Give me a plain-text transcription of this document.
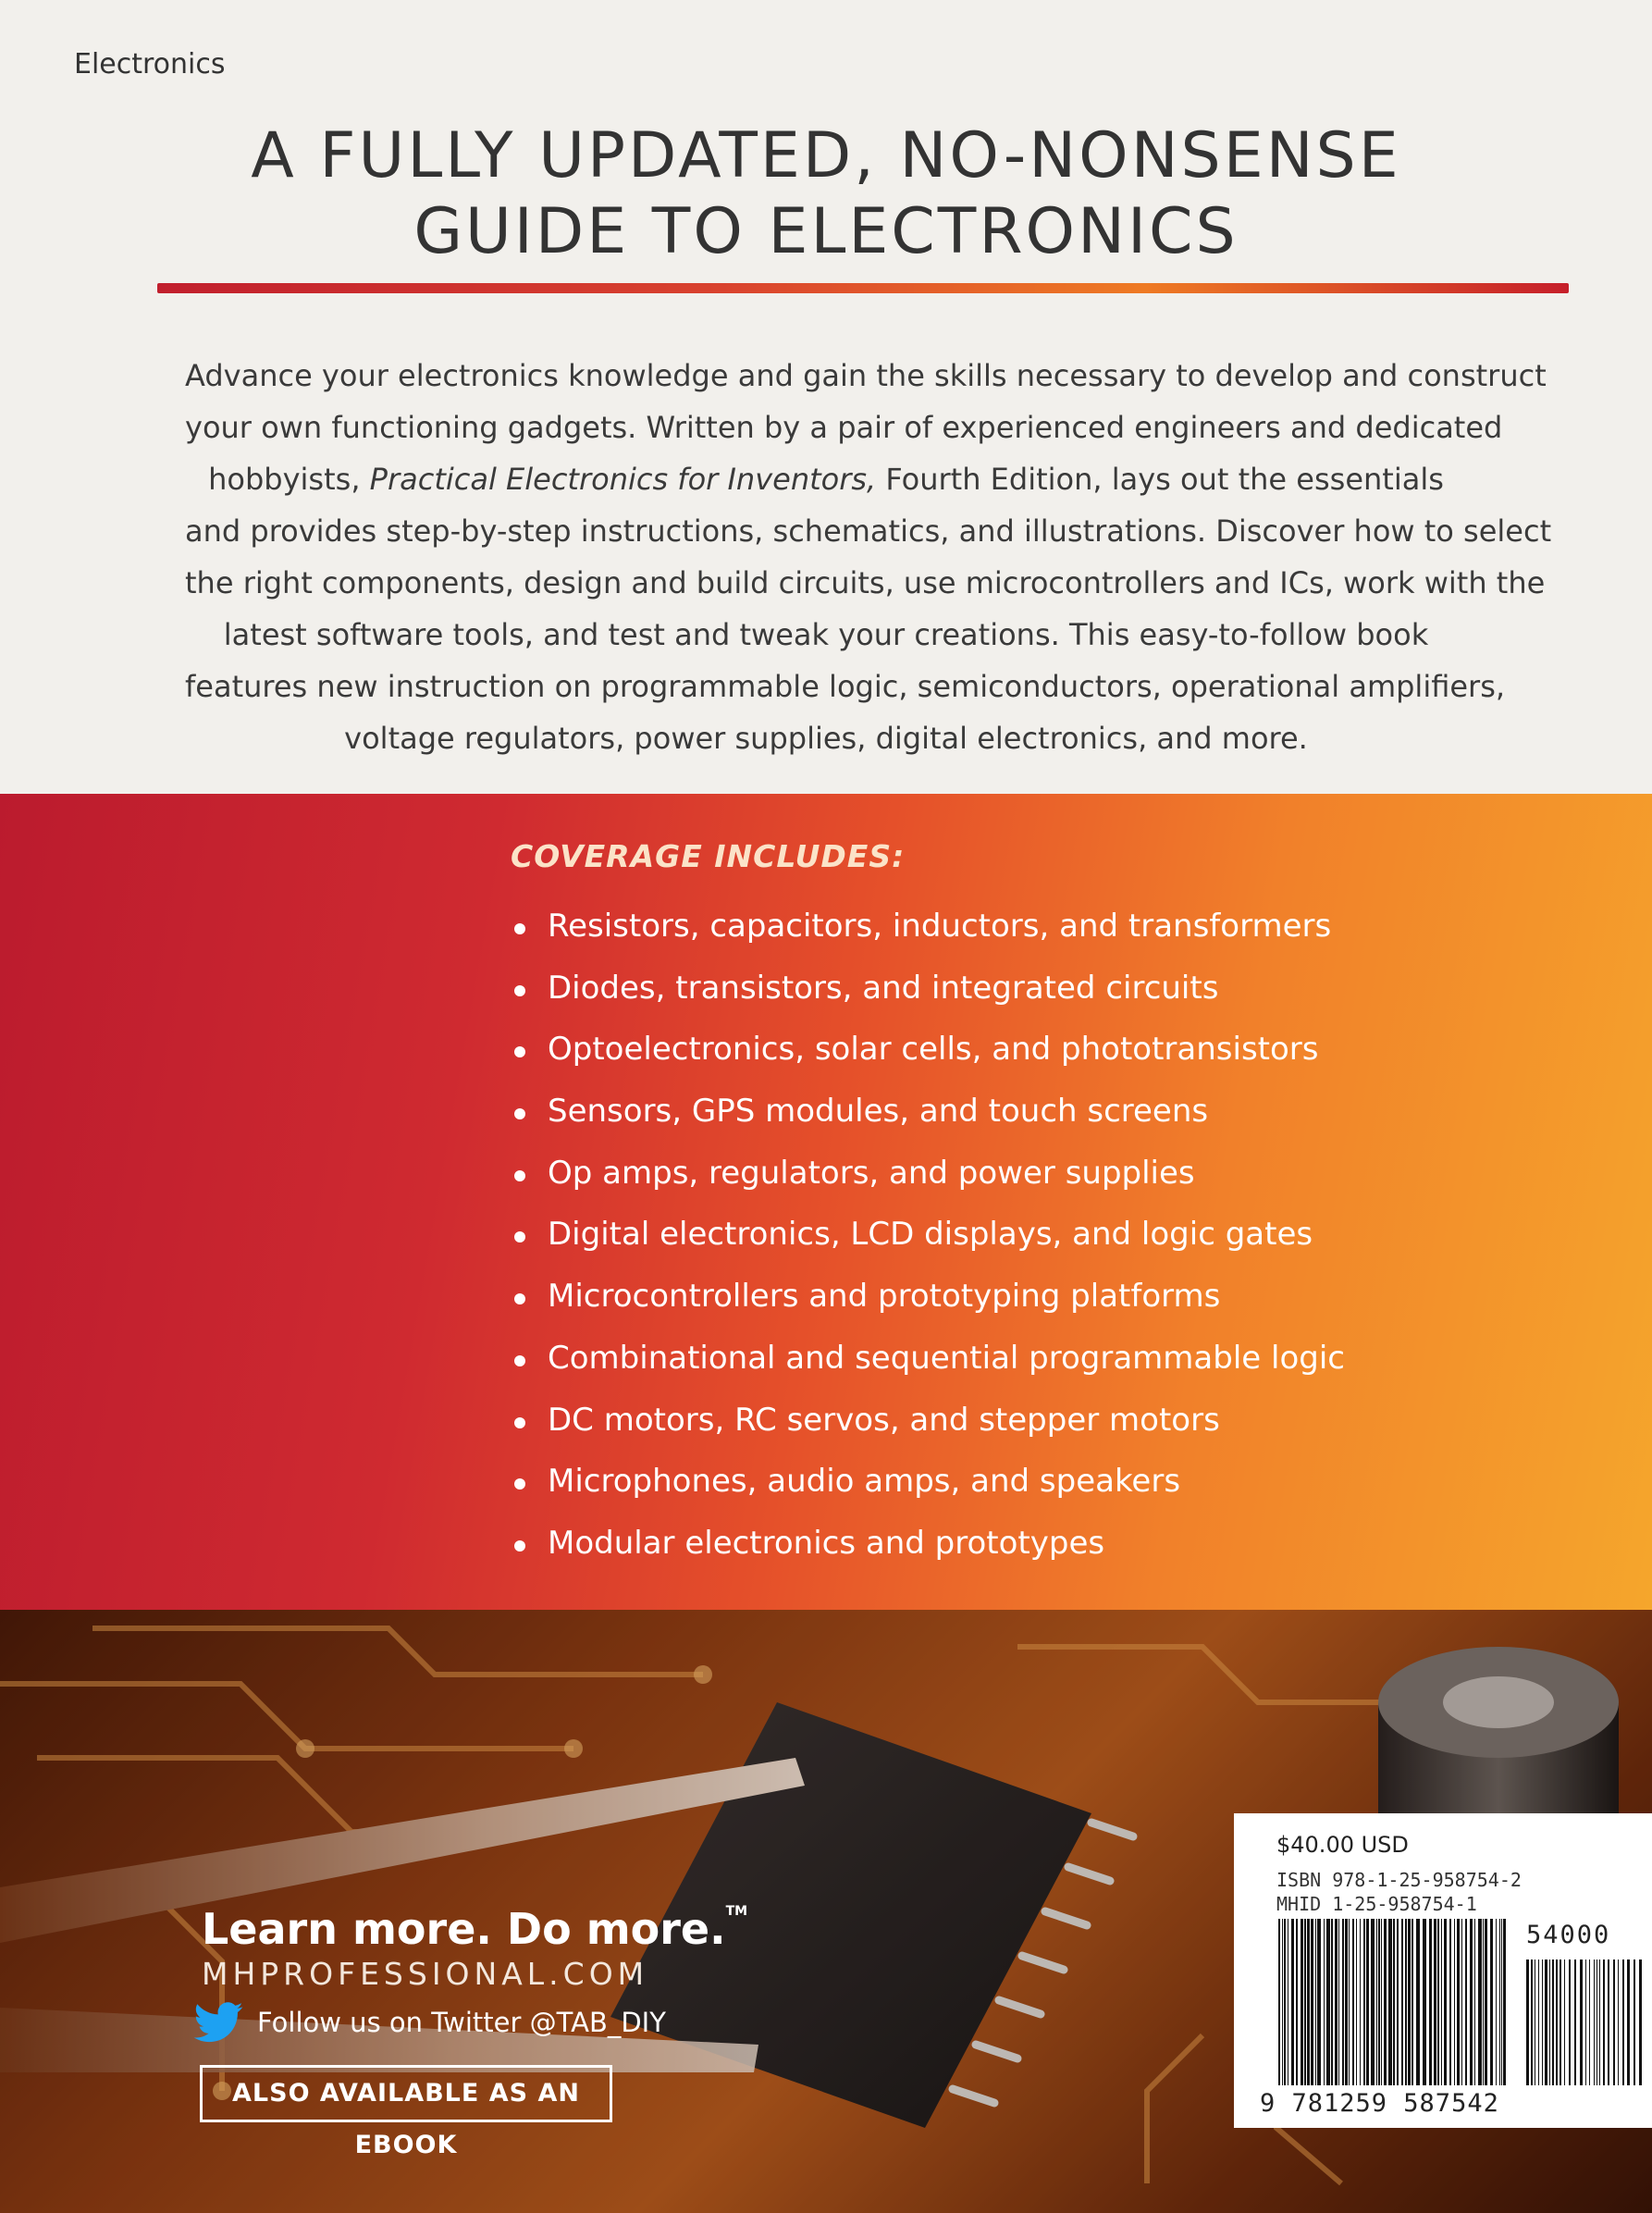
Electronics
A FULLY UPDATED, NO-NONSENSE
GUIDE TO ELECTRONICS
Advance your electronics knowledge and gain the skills necessary to develop and construct
your own functioning gadgets. Written by a pair of experienced engineers and dedicated
hobbyists, Practical Electronics for Inventors, Fourth Edition, lays out the essentials
and provides step-by-step instructions, schematics, and illustrations. Discover how to select
the right components, design and build circuits, use microcontrollers and ICs, work with the
latest software tools, and test and tweak your creations. This easy-to-follow book
features new instruction on programmable logic, semiconductors, operational amplifiers,
voltage regulators, power supplies, digital electronics, and more.
COVERAGE INCLUDES:
Resistors, capacitors, inductors, and transformers
Diodes, transistors, and integrated circuits
Optoelectronics, solar cells, and phototransistors
Sensors, GPS modules, and touch screens
Op amps, regulators, and power supplies
Digital electronics, LCD displays, and logic gates
Microcontrollers and prototyping platforms
Combinational and sequential programmable logic
DC motors, RC servos, and stepper motors
Microphones, audio amps, and speakers
Modular electronics and prototypes
Learn more. Do more.™
MHPROFESSIONAL.COM
Follow us on Twitter @TAB_DIY
ALSO AVAILABLE AS AN EBOOK
$40.00 USD
ISBN 978-1-25-958754-2
MHID 1-25-958754-1
54000
9 781259 587542
